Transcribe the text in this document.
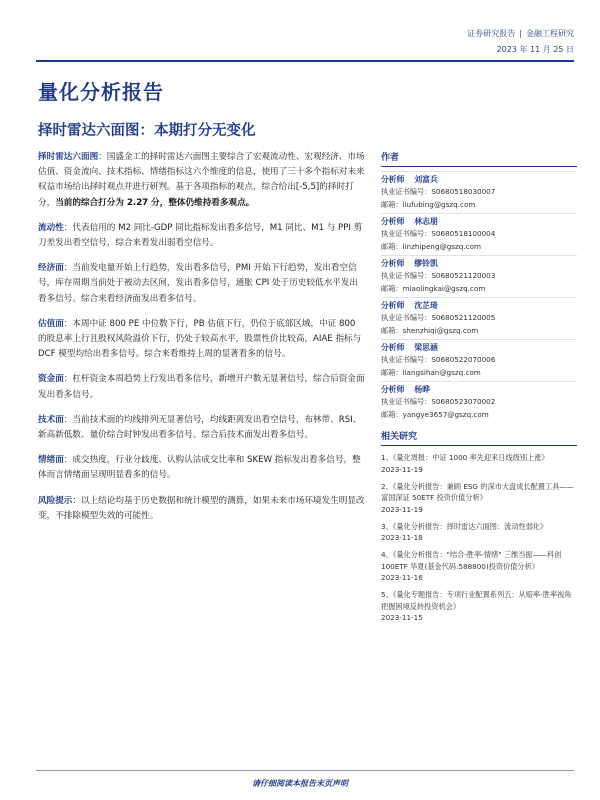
证券研究报告 | 金融工程研究
2023 年 11 月 25 日
量化分析报告
择时雷达六面图：本期打分无变化

择时雷达六面图：国盛金工的择时雷达六面图主要综合了宏观流动性、宏观经济、市场估值、资金流向、技术指标、情绪指标这六个维度的信息，使用了三十多个指标对未来权益市场给出择时观点并进行研判。基于各项指标的观点，综合给出[-5,5]的择时打分，当前的综合打分为 2.27 分，整体仍维持看多观点。

流动性：代表信用的 M2 同比-GDP 同比指标发出看多信号，M1 同比、M1 与 PPI 剪刀差发出看空信号，综合来看发出弱看空信号。

经济面：当前发电量开始上行趋势，发出看多信号，PMI 开始下行趋势，发出看空信号，库存周期当前处于被动去区间，发出看多信号，通胀 CPI 处于历史较低水平发出看多信号。综合来看经济面发出看多信号。

估值面：本周中证 800 PE 中位数下行，PB 估值下行，仍位于底部区域，中证 800 的股息率上行且股权风险溢价下行，仍处于较高水平，股票性价比较高，AIAE 指标与 DCF 模型均给出看多信号。综合来看维持上周的显著看多的信号。

资金面：杠杆资金本周趋势上行发出看多信号，新增开户数无显著信号，综合后资金面发出看多信号。

技术面：当前技术面的均线排列无显著信号，均线距离发出看空信号，布林带、RSI、新高新低数、量价综合时钟发出看多信号。综合后技术面发出看多信号。

情绪面：成交热度，行业分歧度、认购认沽成交比率和 SKEW 指标发出看多信号，整体而言情绪面呈现明显看多的信号。

风险提示：以上结论均基于历史数据和统计模型的测算，如果未来市场环境发生明显改变，不排除模型失效的可能性。

作者
分析师 刘富兵
执业证书编号：S0680518030007
邮箱：liufubing@gszq.com
分析师 林志朋
执业证书编号：S0680518100004
邮箱：linzhipeng@gszq.com
分析师 缪铃凯
执业证书编号：S0680521120003
邮箱：miaolingkai@gszq.com
分析师 沈芷琦
执业证书编号：S0680521120005
邮箱：shenzhiqi@gszq.com
分析师 梁思涵
执业证书编号：S0680522070006
邮箱：liangsihan@gszq.com
分析师 杨晔
执业证书编号：S0680523070002
邮箱：yangye3657@gszq.com
相关研究
1、《量化周报：中证 1000 率先迎来日线级别上涨》
2023-11-19
2、《量化分析报告：兼顾 ESG 的深市大盘成长配置工具——富国深证 50ETF 投资价值分析》
2023-11-19
3、《量化分析报告：择时雷达六面图：流动性弱化》
2023-11-18
4、《量化分析报告："结合-胜率-情绪" 三维当振——科创 100ETF 华夏(基金代码:588800)投资价值分析》
2023-11-16
5、《量化专题报告：专项行业配置系列五：从赔率-胜率视角把握困境反转投资机会》
2023-11-15
请仔细阅读本报告末页声明
